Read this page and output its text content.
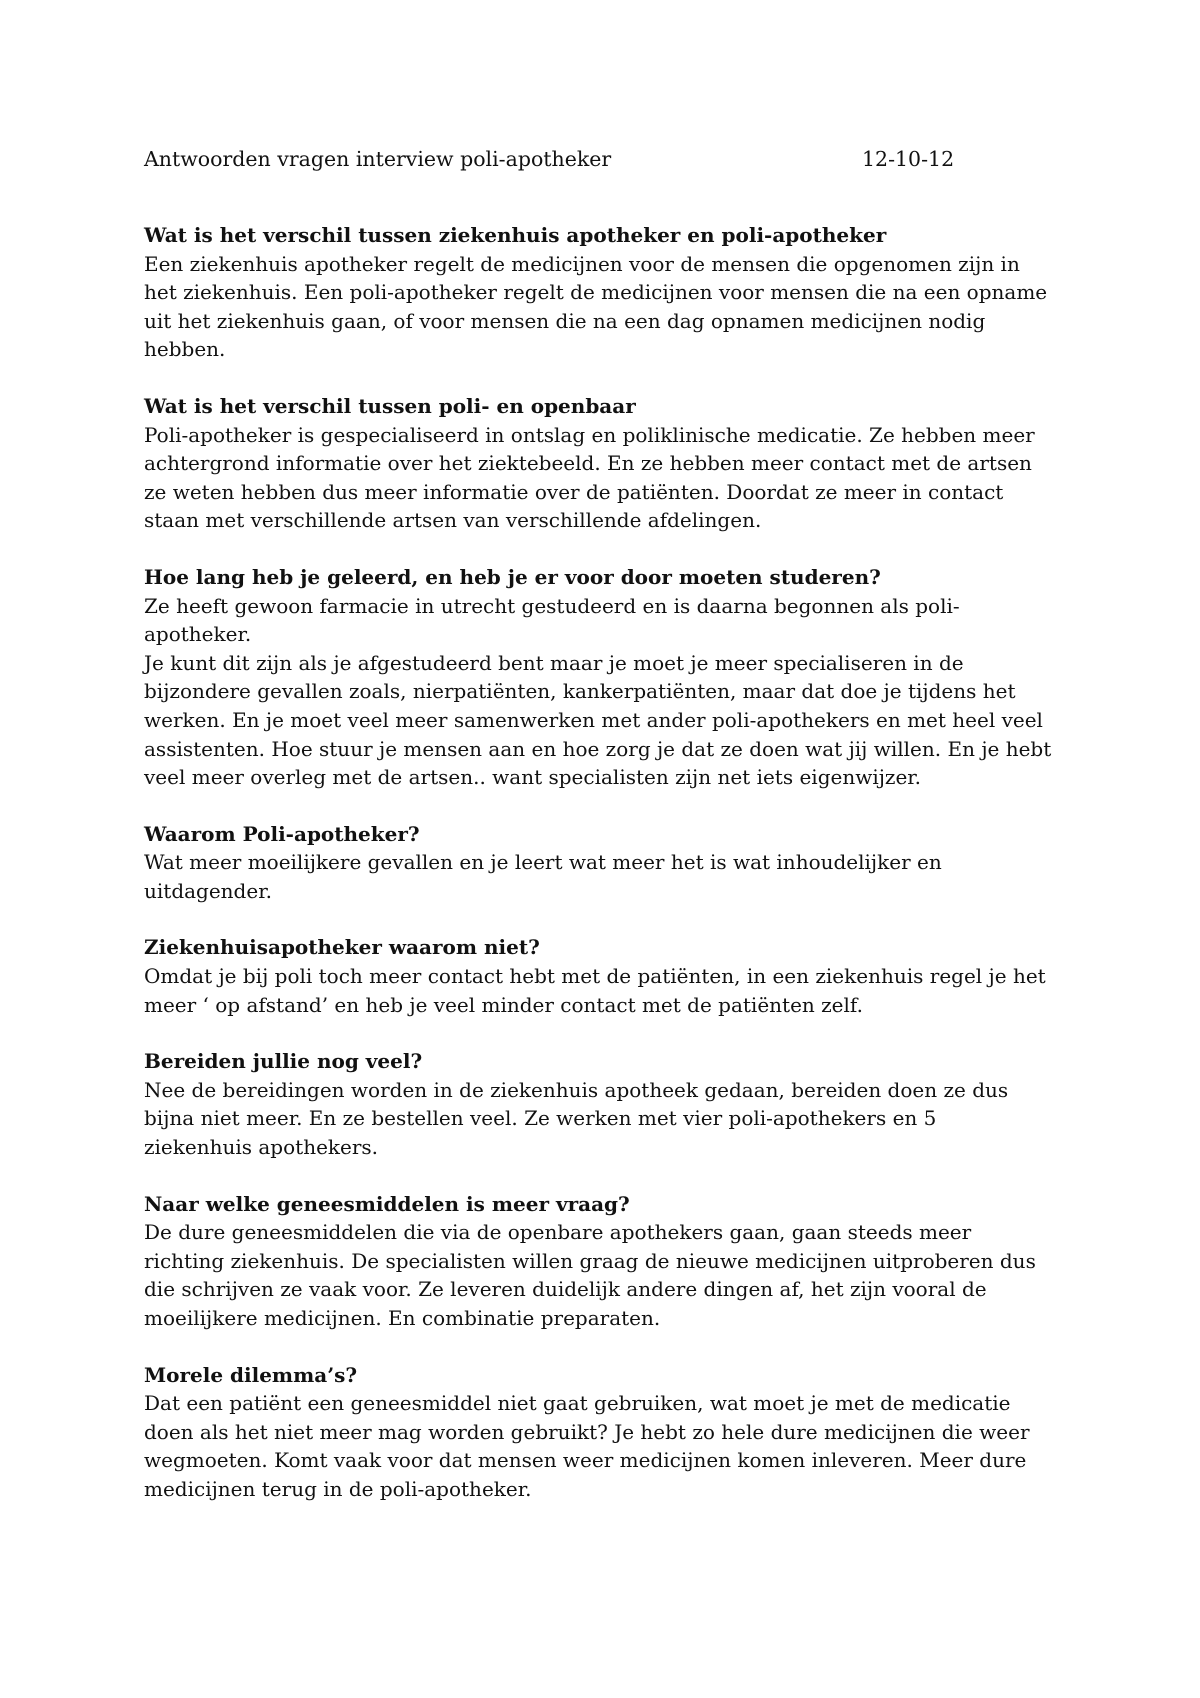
Antwoorden vragen interview poli-apotheker	12-10-12
Wat is het verschil tussen ziekenhuis apotheker en poli-apotheker
Een ziekenhuis apotheker regelt de medicijnen voor de mensen die opgenomen zijn in
het ziekenhuis. Een poli-apotheker regelt de medicijnen voor mensen die na een opname
uit het ziekenhuis gaan, of voor mensen die na een dag opnamen medicijnen nodig
hebben.
Wat is het verschil tussen poli- en openbaar
Poli-apotheker is gespecialiseerd in ontslag en poliklinische medicatie. Ze hebben meer
achtergrond informatie over het ziektebeeld. En ze hebben meer contact met de artsen
ze weten hebben dus meer informatie over de patiënten. Doordat ze meer in contact
staan met verschillende artsen van verschillende afdelingen.
Hoe lang heb je geleerd, en heb je er voor door moeten studeren?
Ze heeft gewoon farmacie in utrecht gestudeerd en is daarna begonnen als poli-
apotheker.
Je kunt dit zijn als je afgestudeerd bent maar je moet je meer specialiseren in de
bijzondere gevallen zoals, nierpatiënten, kankerpatiënten, maar dat doe je tijdens het
werken. En je moet veel meer samenwerken met ander poli-apothekers en met heel veel
assistenten. Hoe stuur je mensen aan en hoe zorg je dat ze doen wat jij willen. En je hebt
veel meer overleg met de artsen.. want specialisten zijn net iets eigenwijzer.
Waarom Poli-apotheker?
Wat meer moeilijkere gevallen en je leert wat meer het is wat inhoudelijker en
uitdagender.
Ziekenhuisapotheker waarom niet?
Omdat je bij poli toch meer contact hebt met de patiënten, in een ziekenhuis regel je het
meer ‘ op afstand’ en heb je veel minder contact met de patiënten zelf.
Bereiden jullie nog veel?
Nee de bereidingen worden in de ziekenhuis apotheek gedaan, bereiden doen ze dus
bijna niet meer. En ze bestellen veel. Ze werken met vier poli-apothekers en 5
ziekenhuis apothekers.
Naar welke geneesmiddelen is meer vraag?
De dure geneesmiddelen die via de openbare apothekers gaan, gaan steeds meer
richting ziekenhuis. De specialisten willen graag de nieuwe medicijnen uitproberen dus
die schrijven ze vaak voor. Ze leveren duidelijk andere dingen af, het zijn vooral de
moeilijkere medicijnen. En combinatie preparaten.
Morele dilemma’s?
Dat een patiënt een geneesmiddel niet gaat gebruiken, wat moet je met de medicatie
doen als het niet meer mag worden gebruikt? Je hebt zo hele dure medicijnen die weer
wegmoeten. Komt vaak voor dat mensen weer medicijnen komen inleveren. Meer dure
medicijnen terug in de poli-apotheker.
